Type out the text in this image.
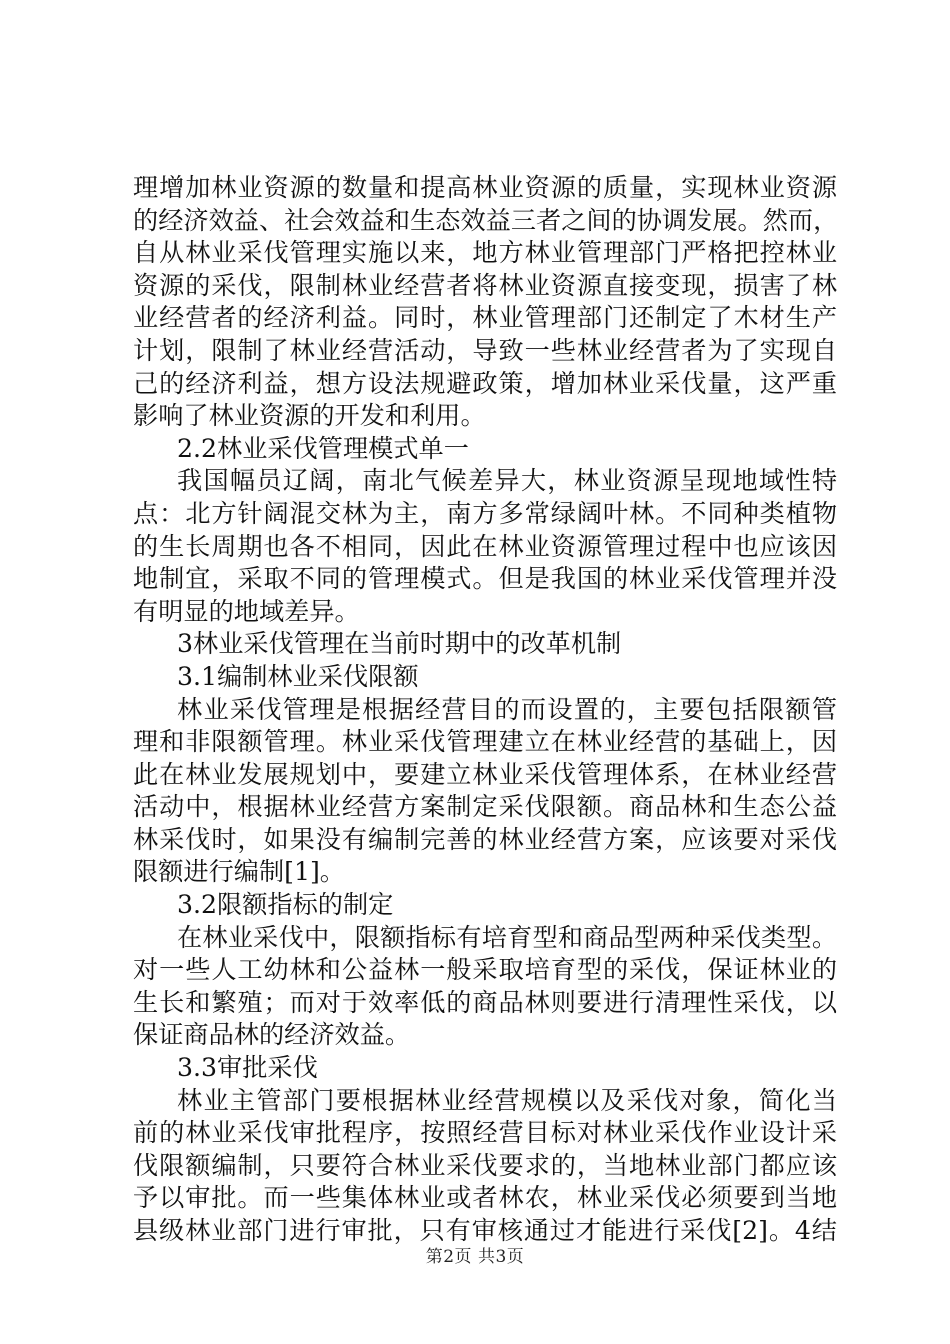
理增加林业资源的数量和提高林业资源的质量，实现林业资源
的经济效益、社会效益和生态效益三者之间的协调发展。然而，
自从林业采伐管理实施以来，地方林业管理部门严格把控林业
资源的采伐，限制林业经营者将林业资源直接变现，损害了林
业经营者的经济利益。同时，林业管理部门还制定了木材生产
计划，限制了林业经营活动，导致一些林业经营者为了实现自
己的经济利益，想方设法规避政策，增加林业采伐量，这严重
影响了林业资源的开发和利用。
2.2林业采伐管理模式单一
我国幅员辽阔，南北气候差异大，林业资源呈现地域性特
点：北方针阔混交林为主，南方多常绿阔叶林。不同种类植物
的生长周期也各不相同，因此在林业资源管理过程中也应该因
地制宜，采取不同的管理模式。但是我国的林业采伐管理并没
有明显的地域差异。
3林业采伐管理在当前时期中的改革机制
3.1编制林业采伐限额
林业采伐管理是根据经营目的而设置的，主要包括限额管
理和非限额管理。林业采伐管理建立在林业经营的基础上，因
此在林业发展规划中，要建立林业采伐管理体系，在林业经营
活动中，根据林业经营方案制定采伐限额。商品林和生态公益
林采伐时，如果没有编制完善的林业经营方案，应该要对采伐
限额进行编制[1]。
3.2限额指标的制定
在林业采伐中，限额指标有培育型和商品型两种采伐类型。
对一些人工幼林和公益林一般采取培育型的采伐，保证林业的
生长和繁殖；而对于效率低的商品林则要进行清理性采伐，以
保证商品林的经济效益。
3.3审批采伐
林业主管部门要根据林业经营规模以及采伐对象，简化当
前的林业采伐审批程序，按照经营目标对林业采伐作业设计采
伐限额编制，只要符合林业采伐要求的，当地林业部门都应该
予以审批。而一些集体林业或者林农，林业采伐必须要到当地
县级林业部门进行审批，只有审核通过才能进行采伐[2]。4结
第2页 共3页
